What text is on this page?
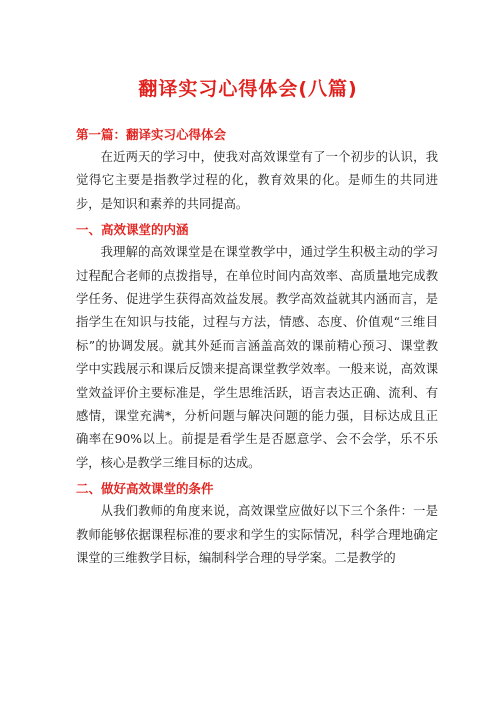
翻译实习心得体会(八篇)

第一篇：翻译实习心得体会

在近两天的学习中，使我对高效课堂有了一个初步的认识，我觉得它主要是指教学过程的化，教育效果的化。是师生的共同进步，是知识和素养的共同提高。

一、高效课堂的内涵

我理解的高效课堂是在课堂教学中，通过学生积极主动的学习过程配合老师的点拨指导，在单位时间内高效率、高质量地完成教学任务、促进学生获得高效益发展。教学高效益就其内涵而言，是指学生在知识与技能，过程与方法，情感、态度、价值观“三维目标”的协调发展。就其外延而言涵盖高效的课前精心预习、课堂教学中实践展示和课后反馈来提高课堂教学效率。一般来说，高效课堂效益评价主要标准是，学生思维活跃，语言表达正确、流利、有感情，课堂充满*，分析问题与解决问题的能力强，目标达成且正确率在90%以上。前提是看学生是否愿意学、会不会学，乐不乐学，核心是教学三维目标的达成。

二、做好高效课堂的条件

从我们教师的角度来说，高效课堂应做好以下三个条件：一是教师能够依据课程标准的要求和学生的实际情况，科学合理地确定课堂的三维教学目标，编制科学合理的导学案。二是教学的
